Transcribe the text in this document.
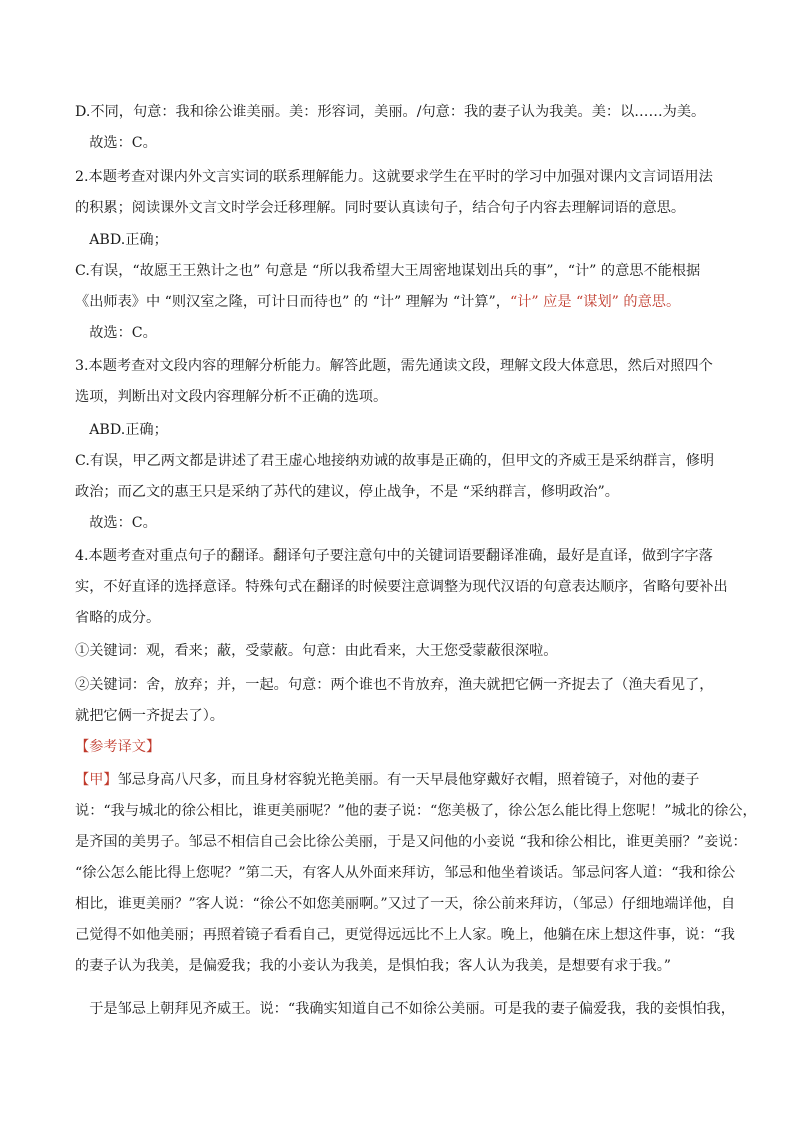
D.不同，句意：我和徐公谁美丽。美：形容词，美丽。/句意：我的妻子认为我美。美：以……为美。
　故选：C。
2.本题考查对课内外文言实词的联系理解能力。这就要求学生在平时的学习中加强对课内文言词语用法
的积累；阅读课外文言文时学会迁移理解。同时要认真读句子，结合句子内容去理解词语的意思。
　ABD.正确；
C.有误，“故愿王王熟计之也” 句意是 “所以我希望大王周密地谋划出兵的事”，“计” 的意思不能根据
《出师表》中 “则汉室之隆，可计日而待也” 的 “计” 理解为 “计算”，“计” 应是 “谋划” 的意思。
　故选：C。
3.本题考查对文段内容的理解分析能力。解答此题，需先通读文段，理解文段大体意思，然后对照四个
选项，判断出对文段内容理解分析不正确的选项。
　ABD.正确；
C.有误，甲乙两文都是讲述了君王虚心地接纳劝诫的故事是正确的，但甲文的齐威王是采纳群言，修明
政治；而乙文的惠王只是采纳了苏代的建议，停止战争，不是 “采纳群言，修明政治”。
　故选：C。
4.本题考查对重点句子的翻译。翻译句子要注意句中的关键词语要翻译准确，最好是直译，做到字字落
实，不好直译的选择意译。特殊句式在翻译的时候要注意调整为现代汉语的句意表达顺序，省略句要补出
省略的成分。
①关键词：观，看来；蔽，受蒙蔽。句意：由此看来，大王您受蒙蔽很深啦。
②关键词：舍，放弃；并，一起。句意：两个谁也不肯放弃，渔夫就把它俩一齐捉去了（渔夫看见了，
就把它俩一齐捉去了）。
【参考译文】
【甲】邹忌身高八尺多，而且身材容貌光艳美丽。有一天早晨他穿戴好衣帽，照着镜子，对他的妻子
说：“我与城北的徐公相比，谁更美丽呢？”他的妻子说：“您美极了，徐公怎么能比得上您呢！”城北的徐公，
是齐国的美男子。邹忌不相信自己会比徐公美丽，于是又问他的小妾说 “我和徐公相比，谁更美丽？”妾说：
“徐公怎么能比得上您呢？”第二天，有客人从外面来拜访，邹忌和他坐着谈话。邹忌问客人道：“我和徐公
相比，谁更美丽？”客人说：“徐公不如您美丽啊。”又过了一天，徐公前来拜访，（邹忌）仔细地端详他，自
己觉得不如他美丽；再照着镜子看看自己，更觉得远远比不上人家。晚上，他躺在床上想这件事，说：“我
的妻子认为我美，是偏爱我；我的小妾认为我美，是惧怕我；客人认为我美，是想要有求于我。”
　于是邹忌上朝拜见齐威王。说：“我确实知道自己不如徐公美丽。可是我的妻子偏爱我，我的妾惧怕我，
